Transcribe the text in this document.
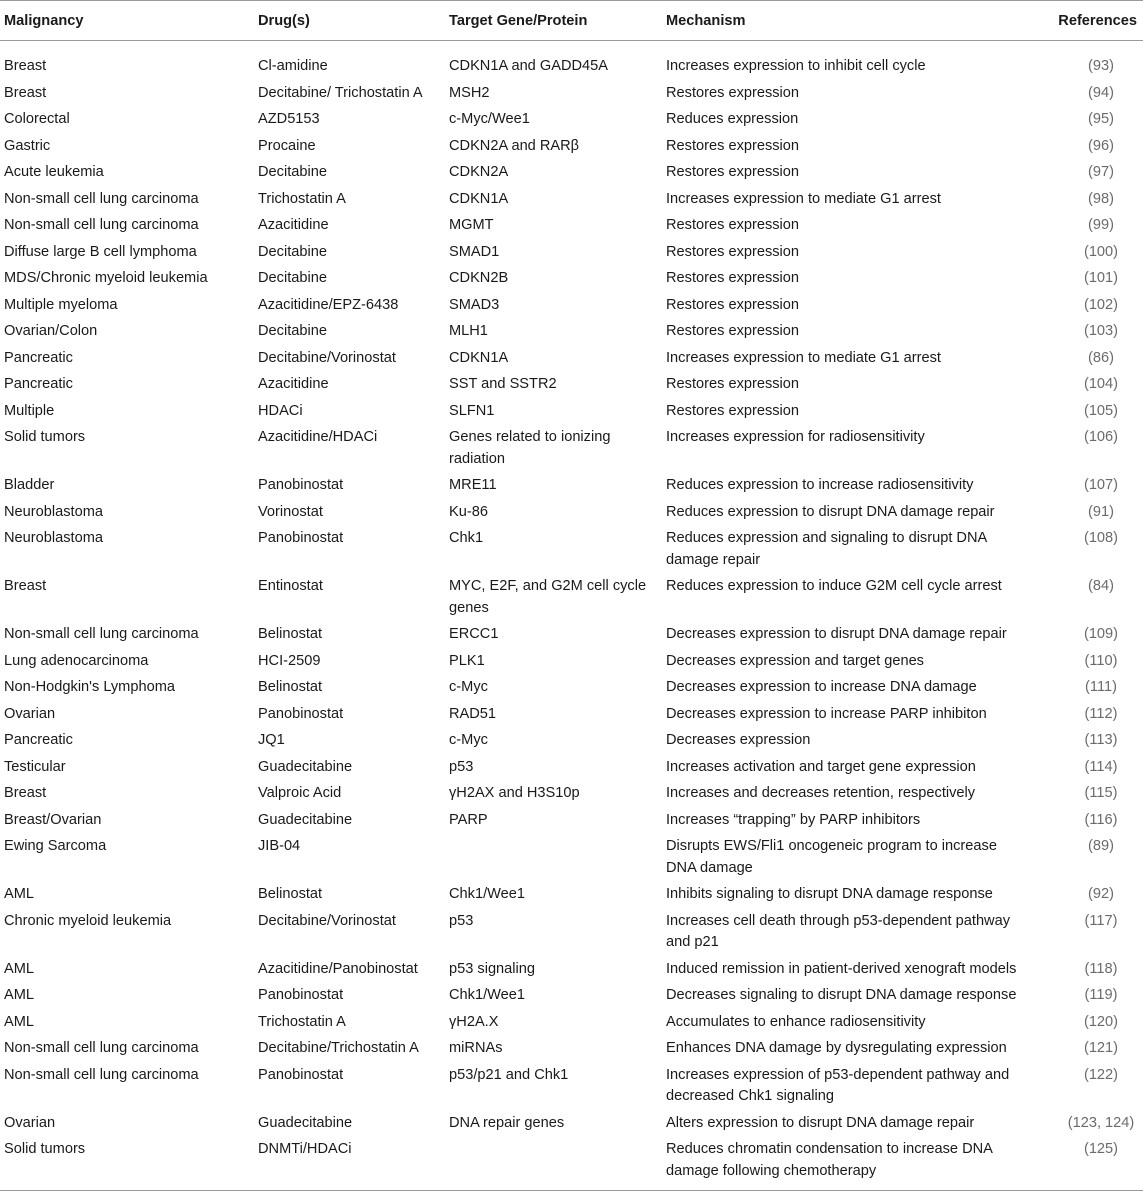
Malignancy	Drug(s)	Target Gene/Protein	Mechanism	References
Breast	Cl-amidine	CDKN1A and GADD45A	Increases expression to inhibit cell cycle	(93)
Breast	Decitabine/ Trichostatin A	MSH2	Restores expression	(94)
Colorectal	AZD5153	c-Myc/Wee1	Reduces expression	(95)
Gastric	Procaine	CDKN2A and RARβ	Restores expression	(96)
Acute leukemia	Decitabine	CDKN2A	Restores expression	(97)
Non-small cell lung carcinoma	Trichostatin A	CDKN1A	Increases expression to mediate G1 arrest	(98)
Non-small cell lung carcinoma	Azacitidine	MGMT	Restores expression	(99)
Diffuse large B cell lymphoma	Decitabine	SMAD1	Restores expression	(100)
MDS/Chronic myeloid leukemia	Decitabine	CDKN2B	Restores expression	(101)
Multiple myeloma	Azacitidine/EPZ-6438	SMAD3	Restores expression	(102)
Ovarian/Colon	Decitabine	MLH1	Restores expression	(103)
Pancreatic	Decitabine/Vorinostat	CDKN1A	Increases expression to mediate G1 arrest	(86)
Pancreatic	Azacitidine	SST and SSTR2	Restores expression	(104)
Multiple	HDACi	SLFN1	Restores expression	(105)
Solid tumors	Azacitidine/HDACi	Genes related to ionizing radiation	Increases expression for radiosensitivity	(106)
Bladder	Panobinostat	MRE11	Reduces expression to increase radiosensitivity	(107)
Neuroblastoma	Vorinostat	Ku-86	Reduces expression to disrupt DNA damage repair	(91)
Neuroblastoma	Panobinostat	Chk1	Reduces expression and signaling to disrupt DNA damage repair	(108)
Breast	Entinostat	MYC, E2F, and G2M cell cycle genes	Reduces expression to induce G2M cell cycle arrest	(84)
Non-small cell lung carcinoma	Belinostat	ERCC1	Decreases expression to disrupt DNA damage repair	(109)
Lung adenocarcinoma	HCI-2509	PLK1	Decreases expression and target genes	(110)
Non-Hodgkin's Lymphoma	Belinostat	c-Myc	Decreases expression to increase DNA damage	(111)
Ovarian	Panobinostat	RAD51	Decreases expression to increase PARP inhibiton	(112)
Pancreatic	JQ1	c-Myc	Decreases expression	(113)
Testicular	Guadecitabine	p53	Increases activation and target gene expression	(114)
Breast	Valproic Acid	γH2AX and H3S10p	Increases and decreases retention, respectively	(115)
Breast/Ovarian	Guadecitabine	PARP	Increases “trapping” by PARP inhibitors	(116)
Ewing Sarcoma	JIB-04		Disrupts EWS/Fli1 oncogeneic program to increase DNA damage	(89)
AML	Belinostat	Chk1/Wee1	Inhibits signaling to disrupt DNA damage response	(92)
Chronic myeloid leukemia	Decitabine/Vorinostat	p53	Increases cell death through p53-dependent pathway and p21	(117)
AML	Azacitidine/Panobinostat	p53 signaling	Induced remission in patient-derived xenograft models	(118)
AML	Panobinostat	Chk1/Wee1	Decreases signaling to disrupt DNA damage response	(119)
AML	Trichostatin A	γH2A.X	Accumulates to enhance radiosensitivity	(120)
Non-small cell lung carcinoma	Decitabine/Trichostatin A	miRNAs	Enhances DNA damage by dysregulating expression	(121)
Non-small cell lung carcinoma	Panobinostat	p53/p21 and Chk1	Increases expression of p53-dependent pathway and decreased Chk1 signaling	(122)
Ovarian	Guadecitabine	DNA repair genes	Alters expression to disrupt DNA damage repair	(123, 124)
Solid tumors	DNMTi/HDACi		Reduces chromatin condensation to increase DNA damage following chemotherapy	(125)
